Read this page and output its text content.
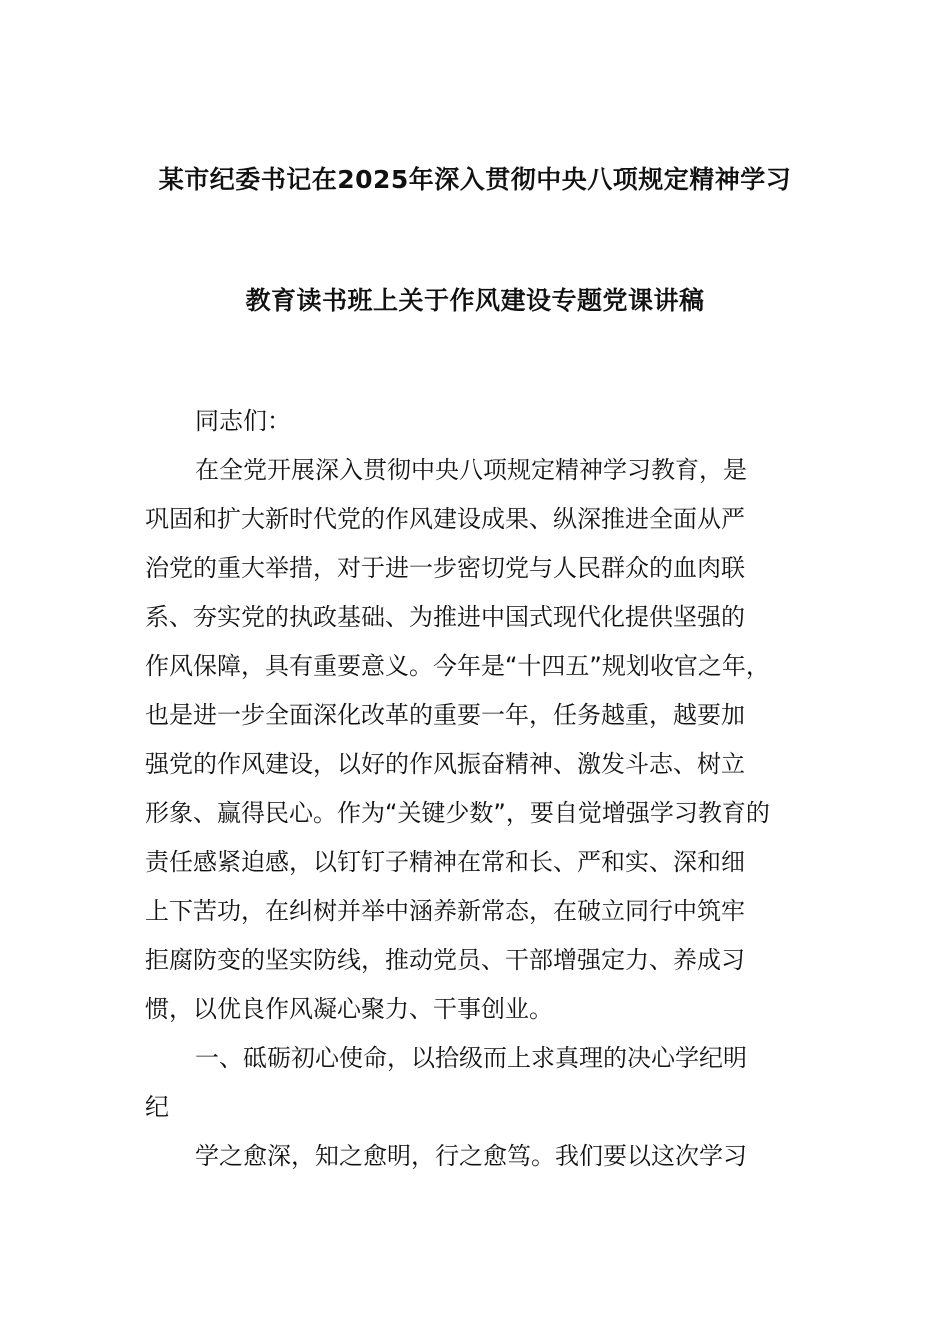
某市纪委书记在2025年深入贯彻中央八项规定精神学习
教育读书班上关于作风建设专题党课讲稿
同志们：
在全党开展深入贯彻中央八项规定精神学习教育，是
巩固和扩大新时代党的作风建设成果、纵深推进全面从严
治党的重大举措，对于进一步密切党与人民群众的血肉联
系、夯实党的执政基础、为推进中国式现代化提供坚强的
作风保障，具有重要意义。今年是“十四五”规划收官之年，
也是进一步全面深化改革的重要一年，任务越重，越要加
强党的作风建设，以好的作风振奋精神、激发斗志、树立
形象、赢得民心。作为“关键少数”，要自觉增强学习教育的
责任感紧迫感，以钉钉子精神在常和长、严和实、深和细
上下苦功，在纠树并举中涵养新常态，在破立同行中筑牢
拒腐防变的坚实防线，推动党员、干部增强定力、养成习
惯，以优良作风凝心聚力、干事创业。
一、砥砺初心使命，以拾级而上求真理的决心学纪明
纪
学之愈深，知之愈明，行之愈笃。我们要以这次学习
